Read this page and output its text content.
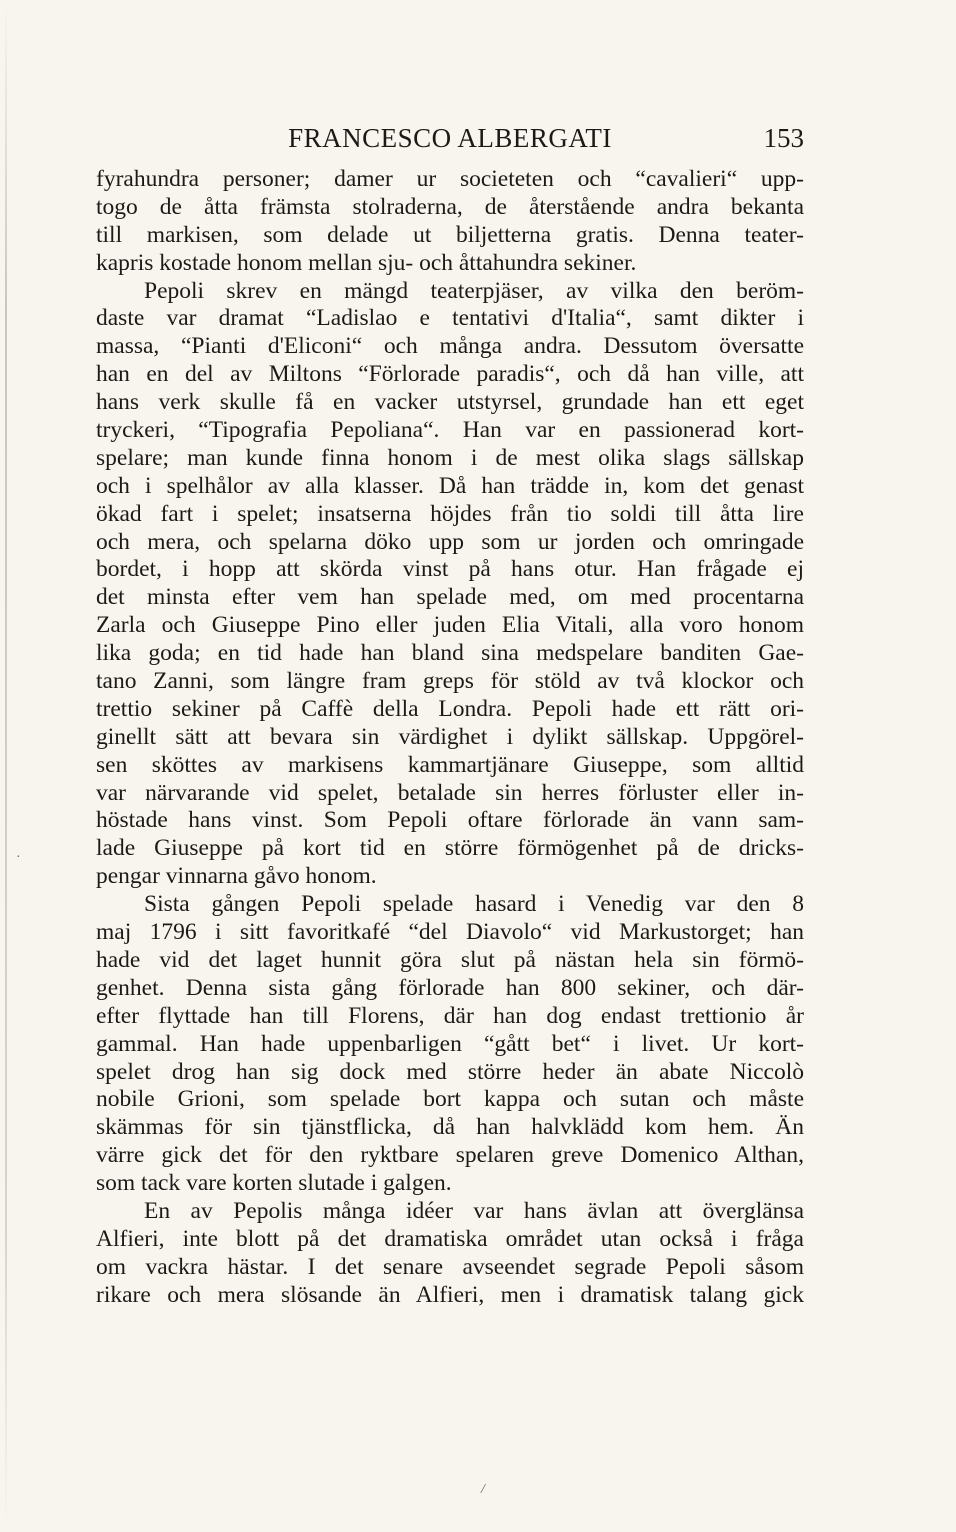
FRANCESCO ALBERGATI	153
fyrahundra personer; damer ur societeten och “cavalieri“ upp-
togo de åtta främsta stolraderna, de återstående andra bekanta
till markisen, som delade ut biljetterna gratis. Denna teater-
kapris kostade honom mellan sju- och åttahundra sekiner.
Pepoli skrev en mängd teaterpjäser, av vilka den beröm-
daste var dramat “Ladislao e tentativi d'Italia“, samt dikter i
massa, “Pianti d'Eliconi“ och många andra. Dessutom översatte
han en del av Miltons “Förlorade paradis“, och då han ville, att
hans verk skulle få en vacker utstyrsel, grundade han ett eget
tryckeri, “Tipografia Pepoliana“. Han var en passionerad kort-
spelare; man kunde finna honom i de mest olika slags sällskap
och i spelhålor av alla klasser. Då han trädde in, kom det genast
ökad fart i spelet; insatserna höjdes från tio soldi till åtta lire
och mera, och spelarna döko upp som ur jorden och omringade
bordet, i hopp att skörda vinst på hans otur. Han frågade ej
det minsta efter vem han spelade med, om med procentarna
Zarla och Giuseppe Pino eller juden Elia Vitali, alla voro honom
lika goda; en tid hade han bland sina medspelare banditen Gae-
tano Zanni, som längre fram greps för stöld av två klockor och
trettio sekiner på Caffè della Londra. Pepoli hade ett rätt ori-
ginellt sätt att bevara sin värdighet i dylikt sällskap. Uppgörel-
sen sköttes av markisens kammartjänare Giuseppe, som alltid
var närvarande vid spelet, betalade sin herres förluster eller in-
höstade hans vinst. Som Pepoli oftare förlorade än vann sam-
lade Giuseppe på kort tid en större förmögenhet på de dricks-
pengar vinnarna gåvo honom.
Sista gången Pepoli spelade hasard i Venedig var den 8
maj 1796 i sitt favoritkafé “del Diavolo“ vid Markustorget; han
hade vid det laget hunnit göra slut på nästan hela sin förmö-
genhet. Denna sista gång förlorade han 800 sekiner, och där-
efter flyttade han till Florens, där han dog endast trettionio år
gammal. Han hade uppenbarligen “gått bet“ i livet. Ur kort-
spelet drog han sig dock med större heder än abate Niccolò
nobile Grioni, som spelade bort kappa och sutan och måste
skämmas för sin tjänstflicka, då han halvklädd kom hem. Än
värre gick det för den ryktbare spelaren greve Domenico Althan,
som tack vare korten slutade i galgen.
En av Pepolis många idéer var hans ävlan att överglänsa
Alfieri, inte blott på det dramatiska området utan också i fråga
om vackra hästar. I det senare avseendet segrade Pepoli såsom
rikare och mera slösande än Alfieri, men i dramatisk talang gick
·
/
